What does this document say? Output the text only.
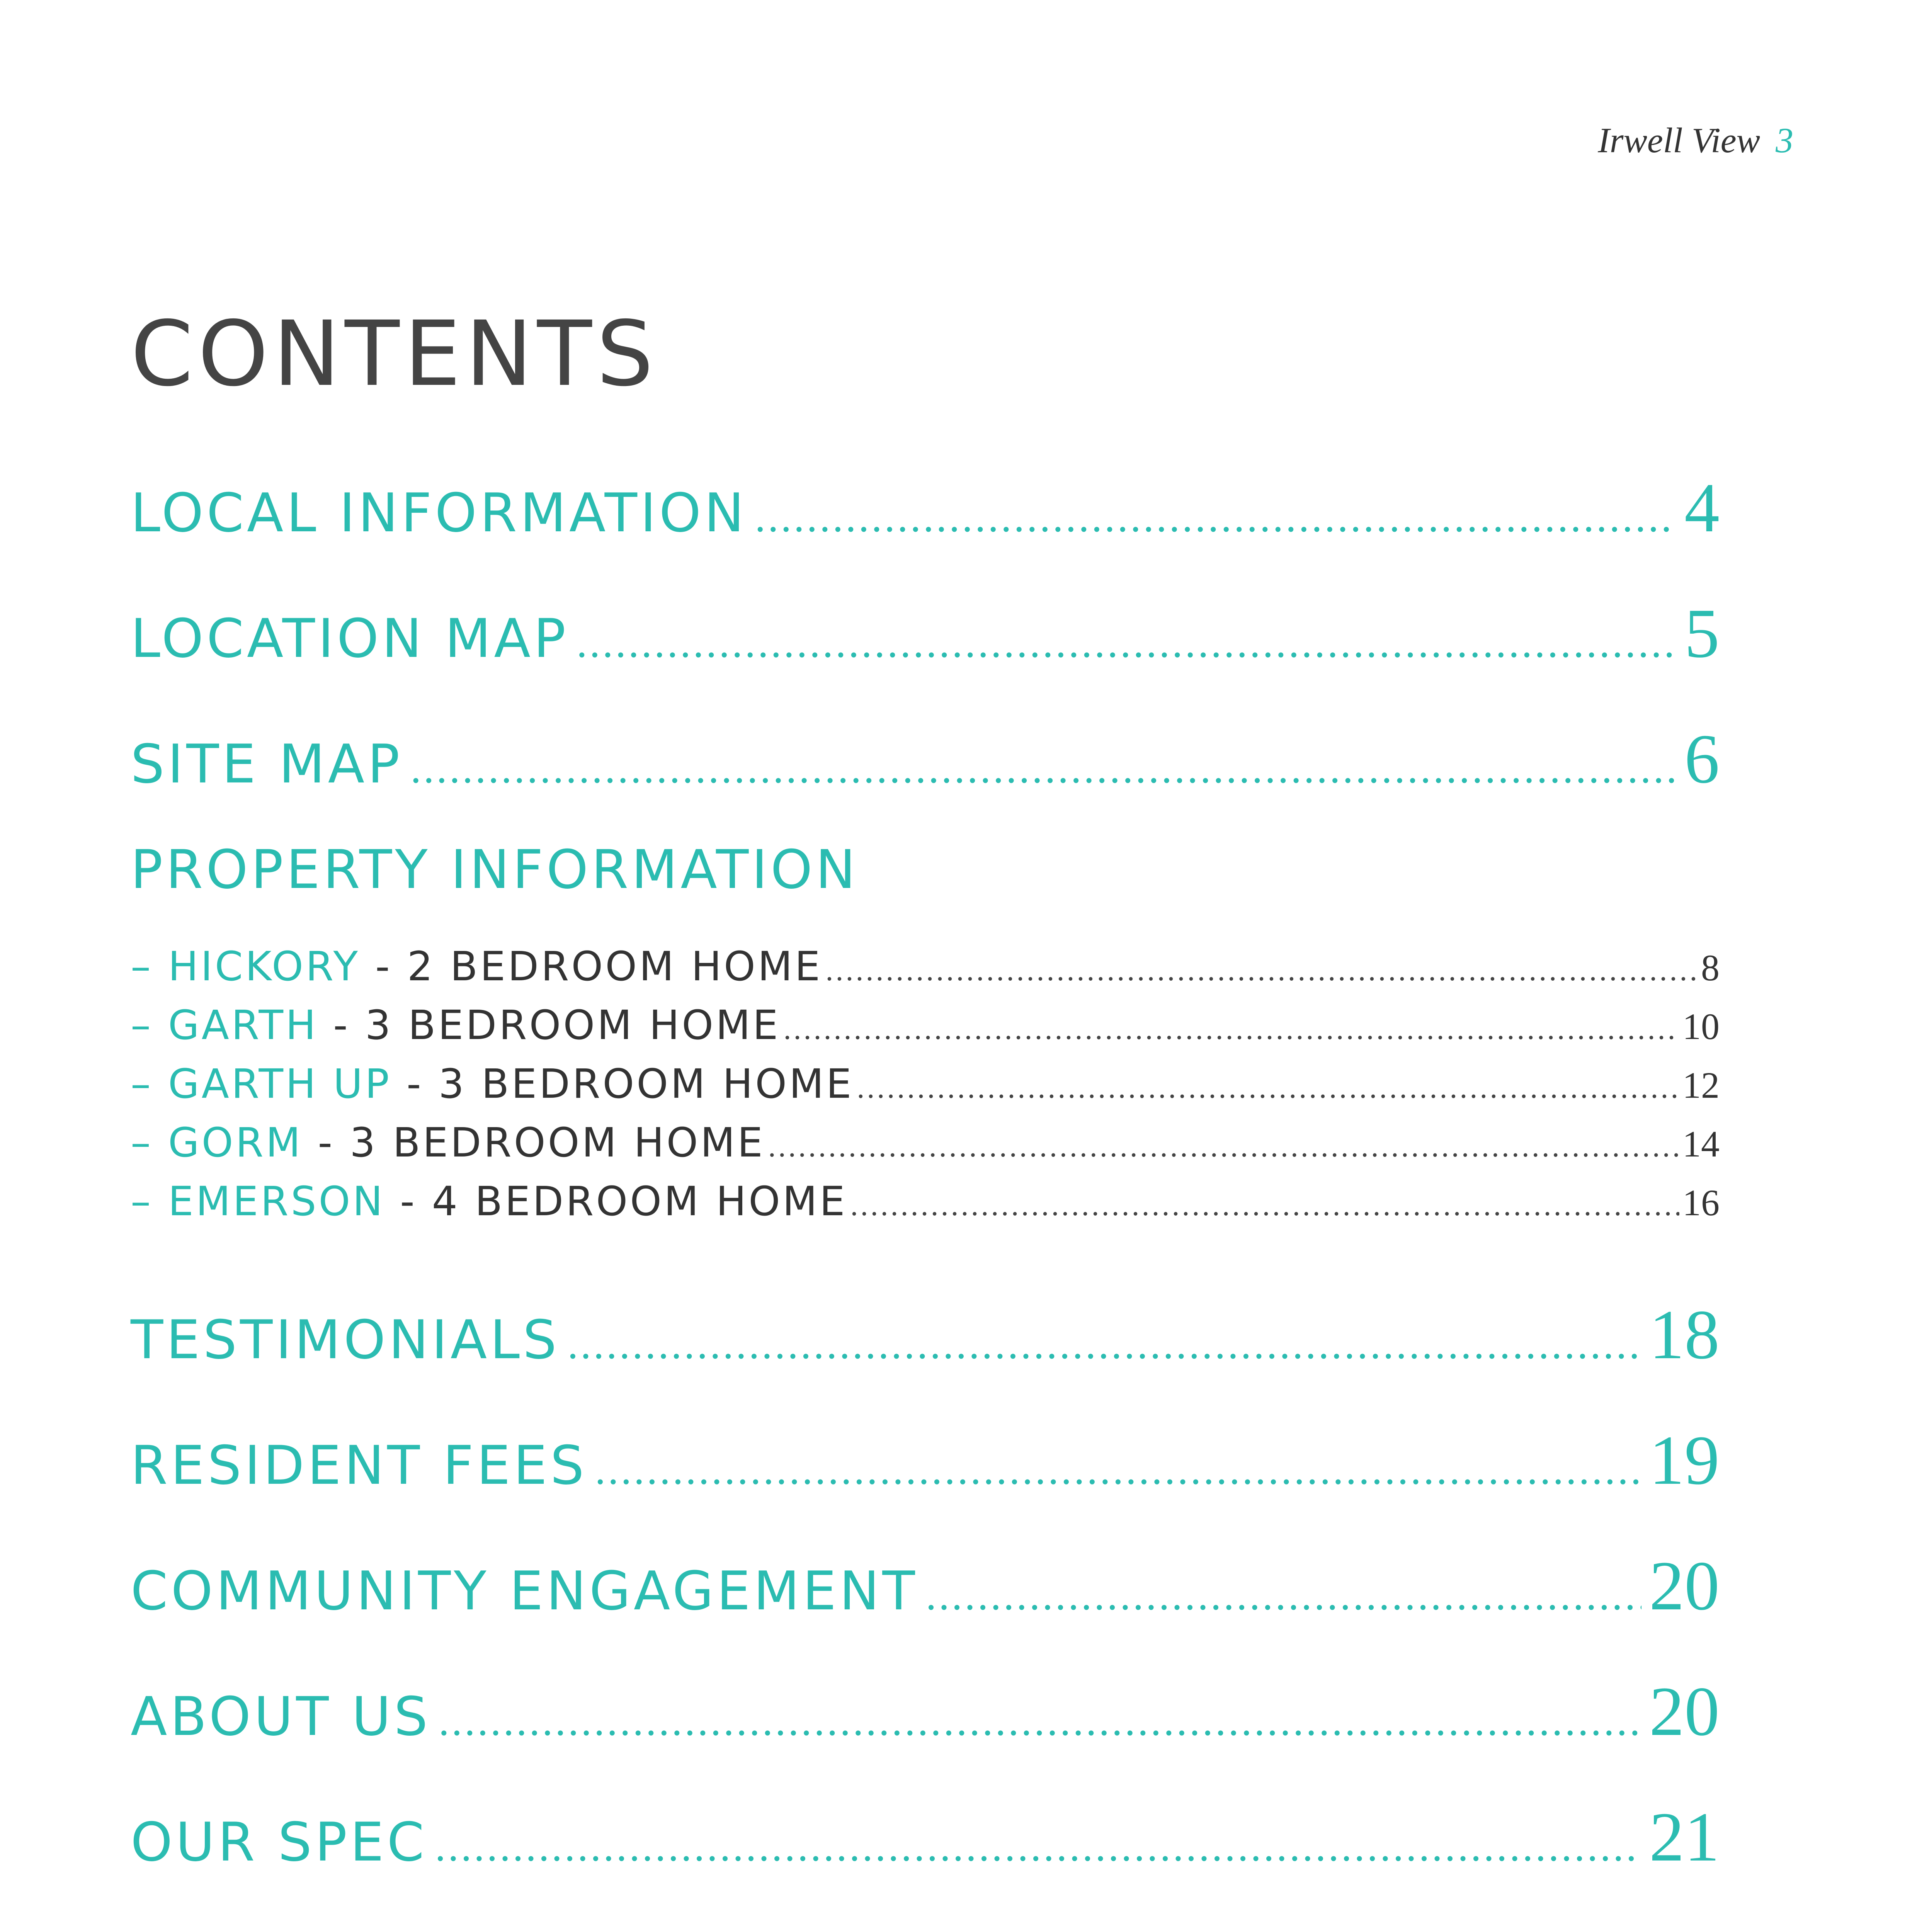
Irwell View 3
CONTENTS
LOCAL INFORMATION .....	4
LOCATION MAP .....	5
SITE MAP .....	6
PROPERTY INFORMATION
– HICKORY - 2 BEDROOM HOME .....	8
– GARTH - 3 BEDROOM HOME .....	10
– GARTH UP - 3 BEDROOM HOME .....	12
– GORM - 3 BEDROOM HOME .....	14
– EMERSON - 4 BEDROOM HOME .....	16
TESTIMONIALS .....	18
RESIDENT FEES .....	19
COMMUNITY ENGAGEMENT .....	20
ABOUT US .....	20
OUR SPEC .....	21
